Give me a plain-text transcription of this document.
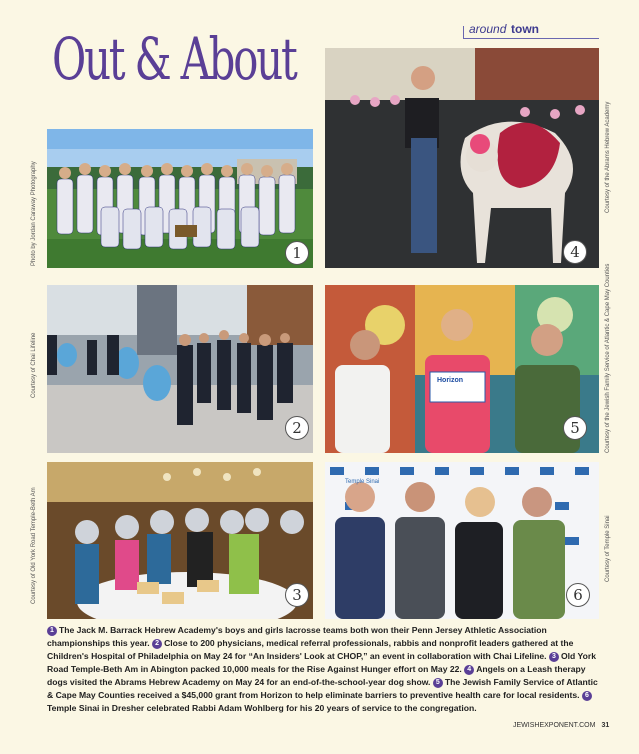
around town
Out & About
1
Photo by Jordan Caraway Photography	4
Courtesy of the Abrams Hebrew Academy
2
Courtesy of Chai Lifeline	Horizon
5	Courtesy of the Jewish Family Service of Atlantic & Cape May Counties
3
Courtesy of Old York Road Temple-Beth Am
Temple Sinai
6
Courtesy of Temple Sinai
1 The Jack M. Barrack Hebrew Academy's boys and girls lacrosse teams both won their Penn Jersey Athletic Association championships this year. 2 Close to 200 physicians, medical referral professionals, rabbis and nonprofit leaders gathered at the Children's Hospital of Philadelphia on May 24 for “An Insiders' Look at CHOP,” an event in collaboration with Chai Lifeline. 3 Old York Road Temple-Beth Am in Abington packed 10,000 meals for the Rise Against Hunger effort on May 22. 4 Angels on a Leash therapy dogs visited the Abrams Hebrew Academy on May 24 for an end-of-the-school-year dog show. 5 The Jewish Family Service of Atlantic & Cape May Counties received a $45,000 grant from Horizon to help eliminate barriers to preventive health care for local residents. 6Temple Sinai in Dresher celebrated Rabbi Adam Wohlberg for his 20 years of service to the congregation.
JEWISHEXPONENT.COM 31
